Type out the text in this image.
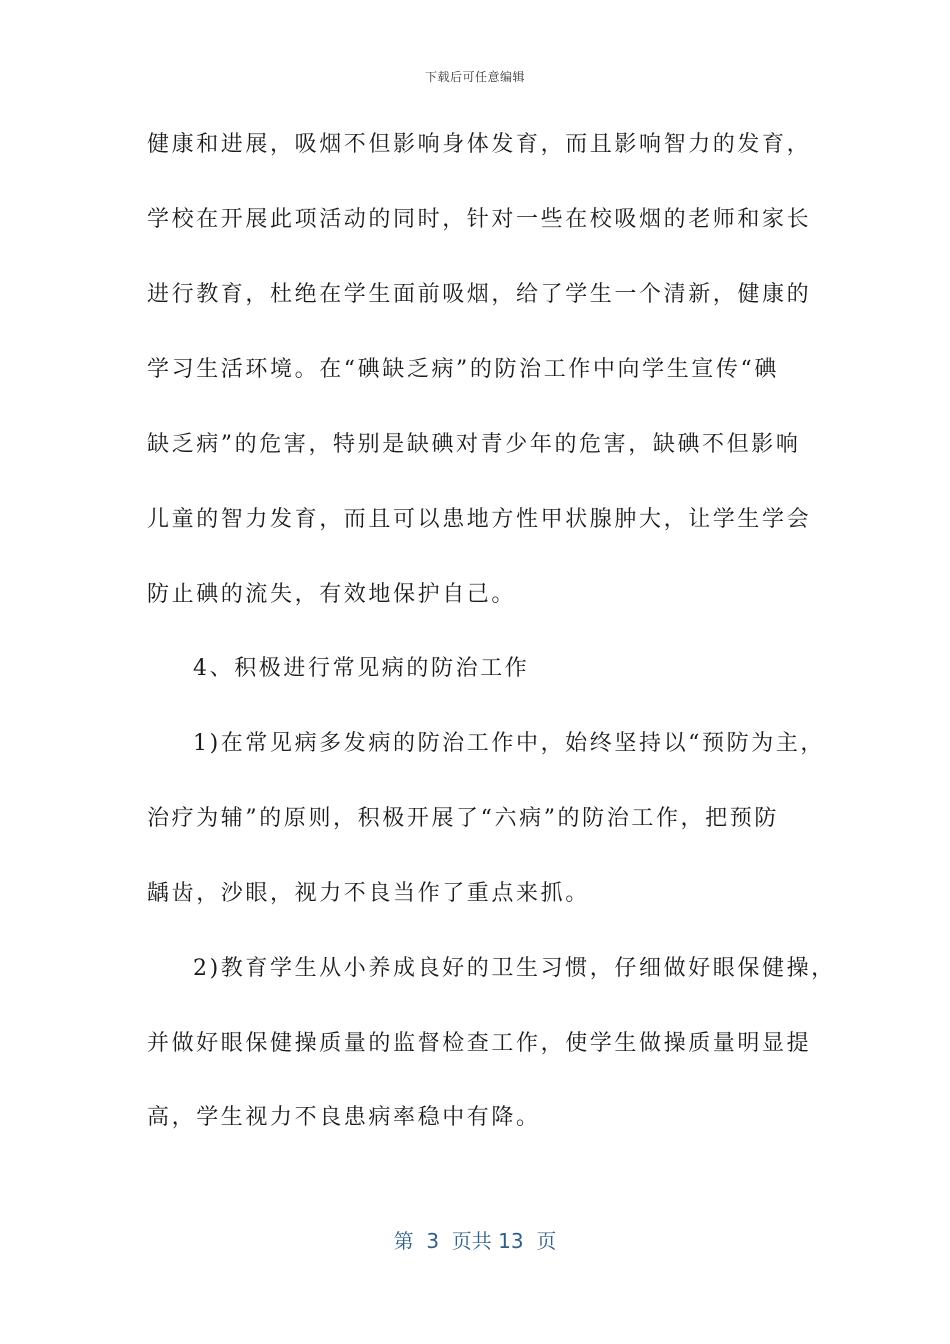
下载后可任意编辑
健康和进展，吸烟不但影响身体发育，而且影响智力的发育，
学校在开展此项活动的同时，针对一些在校吸烟的老师和家长
进行教育，杜绝在学生面前吸烟，给了学生一个清新，健康的
学习生活环境。在“碘缺乏病”的防治工作中向学生宣传“碘
缺乏病”的危害，特别是缺碘对青少年的危害，缺碘不但影响
儿童的智力发育，而且可以患地方性甲状腺肿大，让学生学会
防止碘的流失，有效地保护自己。
4、积极进行常见病的防治工作
1)在常见病多发病的防治工作中，始终坚持以“预防为主，
治疗为辅”的原则，积极开展了“六病”的防治工作，把预防
龋齿，沙眼，视力不良当作了重点来抓。
2)教育学生从小养成良好的卫生习惯，仔细做好眼保健操，
并做好眼保健操质量的监督检查工作，使学生做操质量明显提
高，学生视力不良患病率稳中有降。
第  3  页共 13  页
